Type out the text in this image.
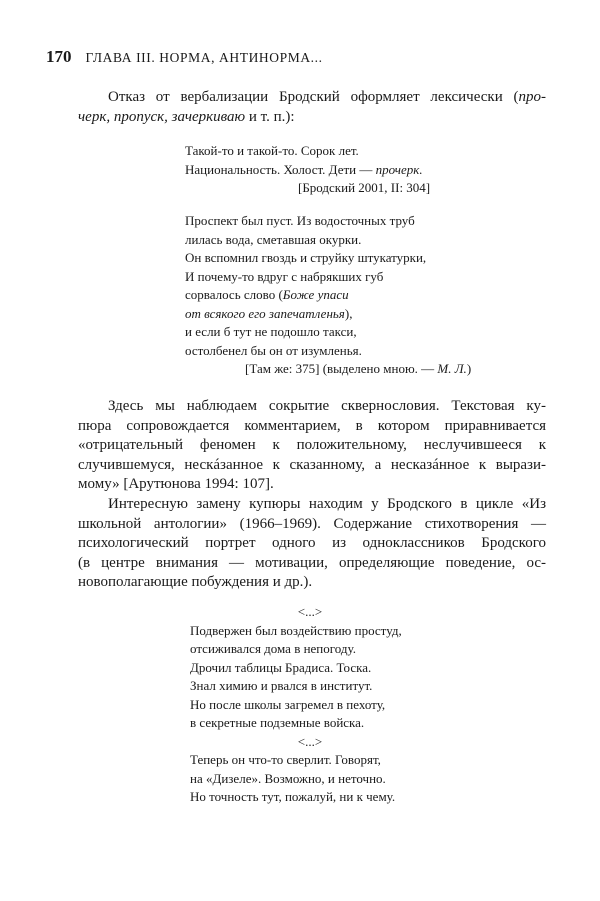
170 ГЛАВА III. НОРМА, АНТИНОРМА...
Отказ от вербализации Бродский оформляет лексически (про-
черк, пропуск, зачеркиваю и т. п.):
Такой-то и такой-то. Сорок лет.
Национальность. Холост. Дети — прочерк.
[Бродский 2001, II: 304]
Проспект был пуст. Из водосточных труб
лилась вода, сметавшая окурки.
Он вспомнил гвоздь и струйку штукатурки,
И почему-то вдруг с набрякших губ
сорвалось слово (Боже упаси
от всякого его запечатленья),
и если б тут не подошло такси,
остолбенел бы он от изумленья.
[Там же: 375] (выделено мною. — М. Л.)
Здесь мы наблюдаем сокрытие сквернословия. Текстовая ку-
пюра сопровождается комментарием, в котором приравнивается
«отрицательный феномен к положительному, неслучившееся к
случившемуся, нескáзанное к сказанному, а несказáнное к вырази-
мому» [Арутюнова 1994: 107].
Интересную замену купюры находим у Бродского в цикле «Из
школьной антологии» (1966–1969). Содержание стихотворения —
психологический портрет одного из одноклассников Бродского
(в центре внимания — мотивации, определяющие поведение, ос-
новополагающие побуждения и др.).
<...>
Подвержен был воздействию простуд,
отсиживался дома в непогоду.
Дрочил таблицы Брадиса. Тоска.
Знал химию и рвался в институт.
Но после школы загремел в пехоту,
в секретные подземные войска.
<...>
Теперь он что-то сверлит. Говорят,
на «Дизеле». Возможно, и неточно.
Но точность тут, пожалуй, ни к чему.
